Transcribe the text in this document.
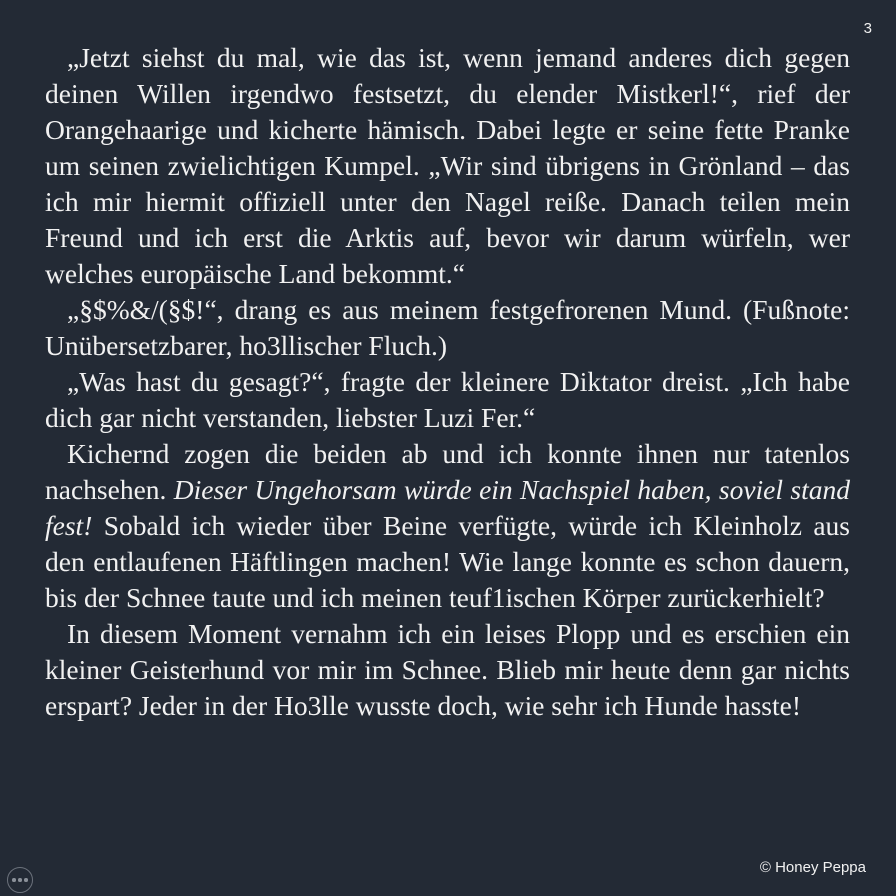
3

„Jetzt siehst du mal, wie das ist, wenn jemand anderes dich gegen deinen Willen irgendwo festsetzt, du elender Mistkerl!“, rief der Orangehaarige und kicherte hämisch. Dabei legte er seine fette Pranke um seinen zwielichtigen Kumpel. „Wir sind übrigens in Grönland – das ich mir hiermit offiziell unter den Nagel reiße. Danach teilen mein Freund und ich erst die Arktis auf, bevor wir darum würfeln, wer welches europäische Land bekommt.“

„§$%&/(§$!“, drang es aus meinem festgefrorenen Mund. (Fußnote: Unübersetzbarer, ho3llischer Fluch.)

„Was hast du gesagt?“, fragte der kleinere Diktator dreist. „Ich habe dich gar nicht verstanden, liebster Luzi Fer.“

Kichernd zogen die beiden ab und ich konnte ihnen nur tatenlos nachsehen. Dieser Ungehorsam würde ein Nachspiel haben, soviel stand fest! Sobald ich wieder über Beine verfügte, würde ich Kleinholz aus den entlaufenen Häftlingen machen! Wie lange konnte es schon dauern, bis der Schnee taute und ich meinen teuf1ischen Körper zurückerhielt?

In diesem Moment vernahm ich ein leises Plopp und es erschien ein kleiner Geisterhund vor mir im Schnee. Blieb mir heute denn gar nichts erspart? Jeder in der Ho3lle wusste doch, wie sehr ich Hunde hasste!

© Honey Peppa
